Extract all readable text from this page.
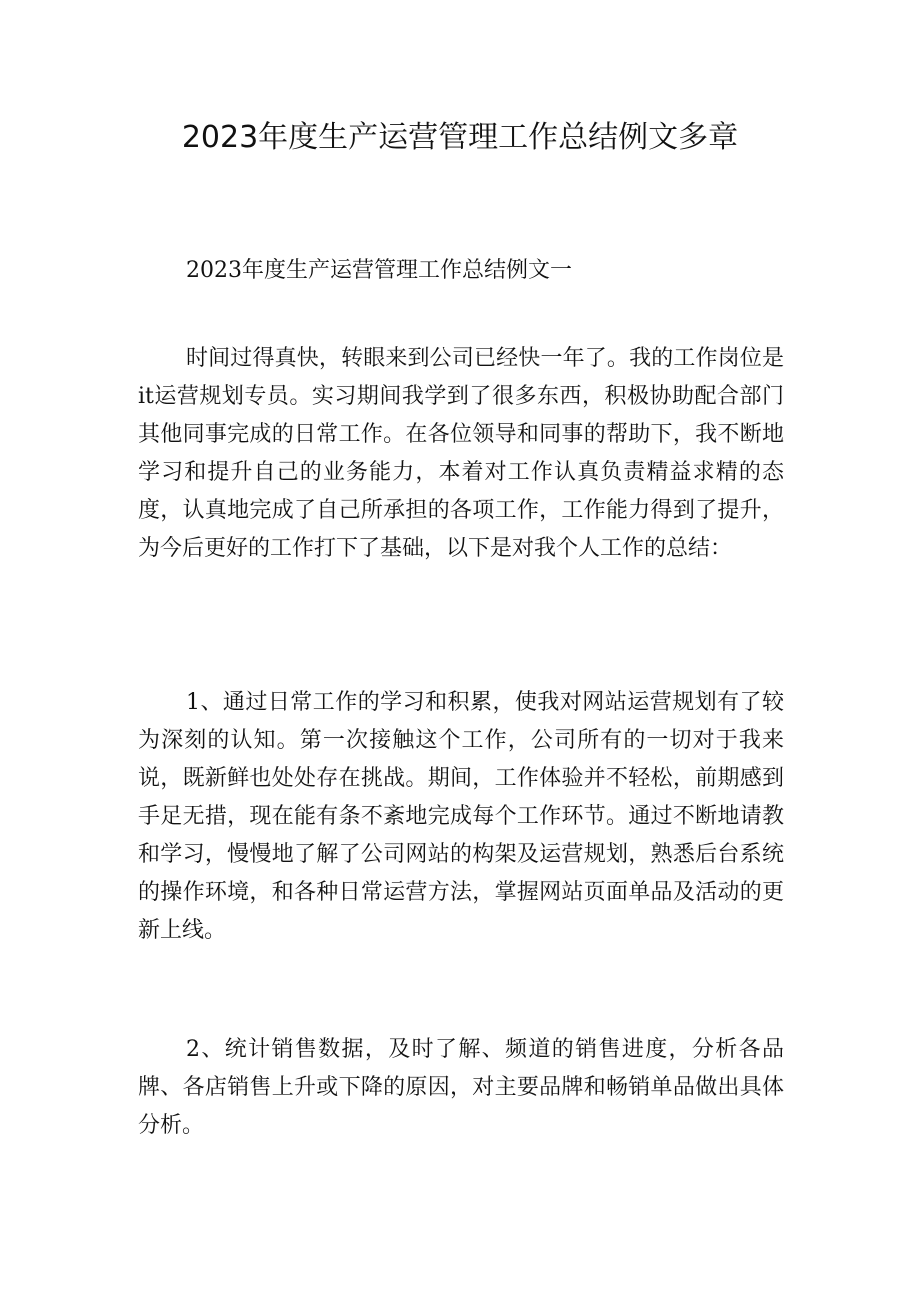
2023年度生产运营管理工作总结例文多章

2023年度生产运营管理工作总结例文一

时间过得真快，转眼来到公司已经快一年了。我的工作岗位是it运营规划专员。实习期间我学到了很多东西，积极协助配合部门其他同事完成的日常工作。在各位领导和同事的帮助下，我不断地学习和提升自己的业务能力，本着对工作认真负责精益求精的态度，认真地完成了自己所承担的各项工作，工作能力得到了提升，为今后更好的工作打下了基础，以下是对我个人工作的总结：

1、通过日常工作的学习和积累，使我对网站运营规划有了较为深刻的认知。第一次接触这个工作，公司所有的一切对于我来说，既新鲜也处处存在挑战。期间，工作体验并不轻松，前期感到手足无措，现在能有条不紊地完成每个工作环节。通过不断地请教和学习，慢慢地了解了公司网站的构架及运营规划，熟悉后台系统的操作环境，和各种日常运营方法，掌握网站页面单品及活动的更新上线。

2、统计销售数据，及时了解、频道的销售进度，分析各品牌、各店销售上升或下降的原因，对主要品牌和畅销单品做出具体分析。
